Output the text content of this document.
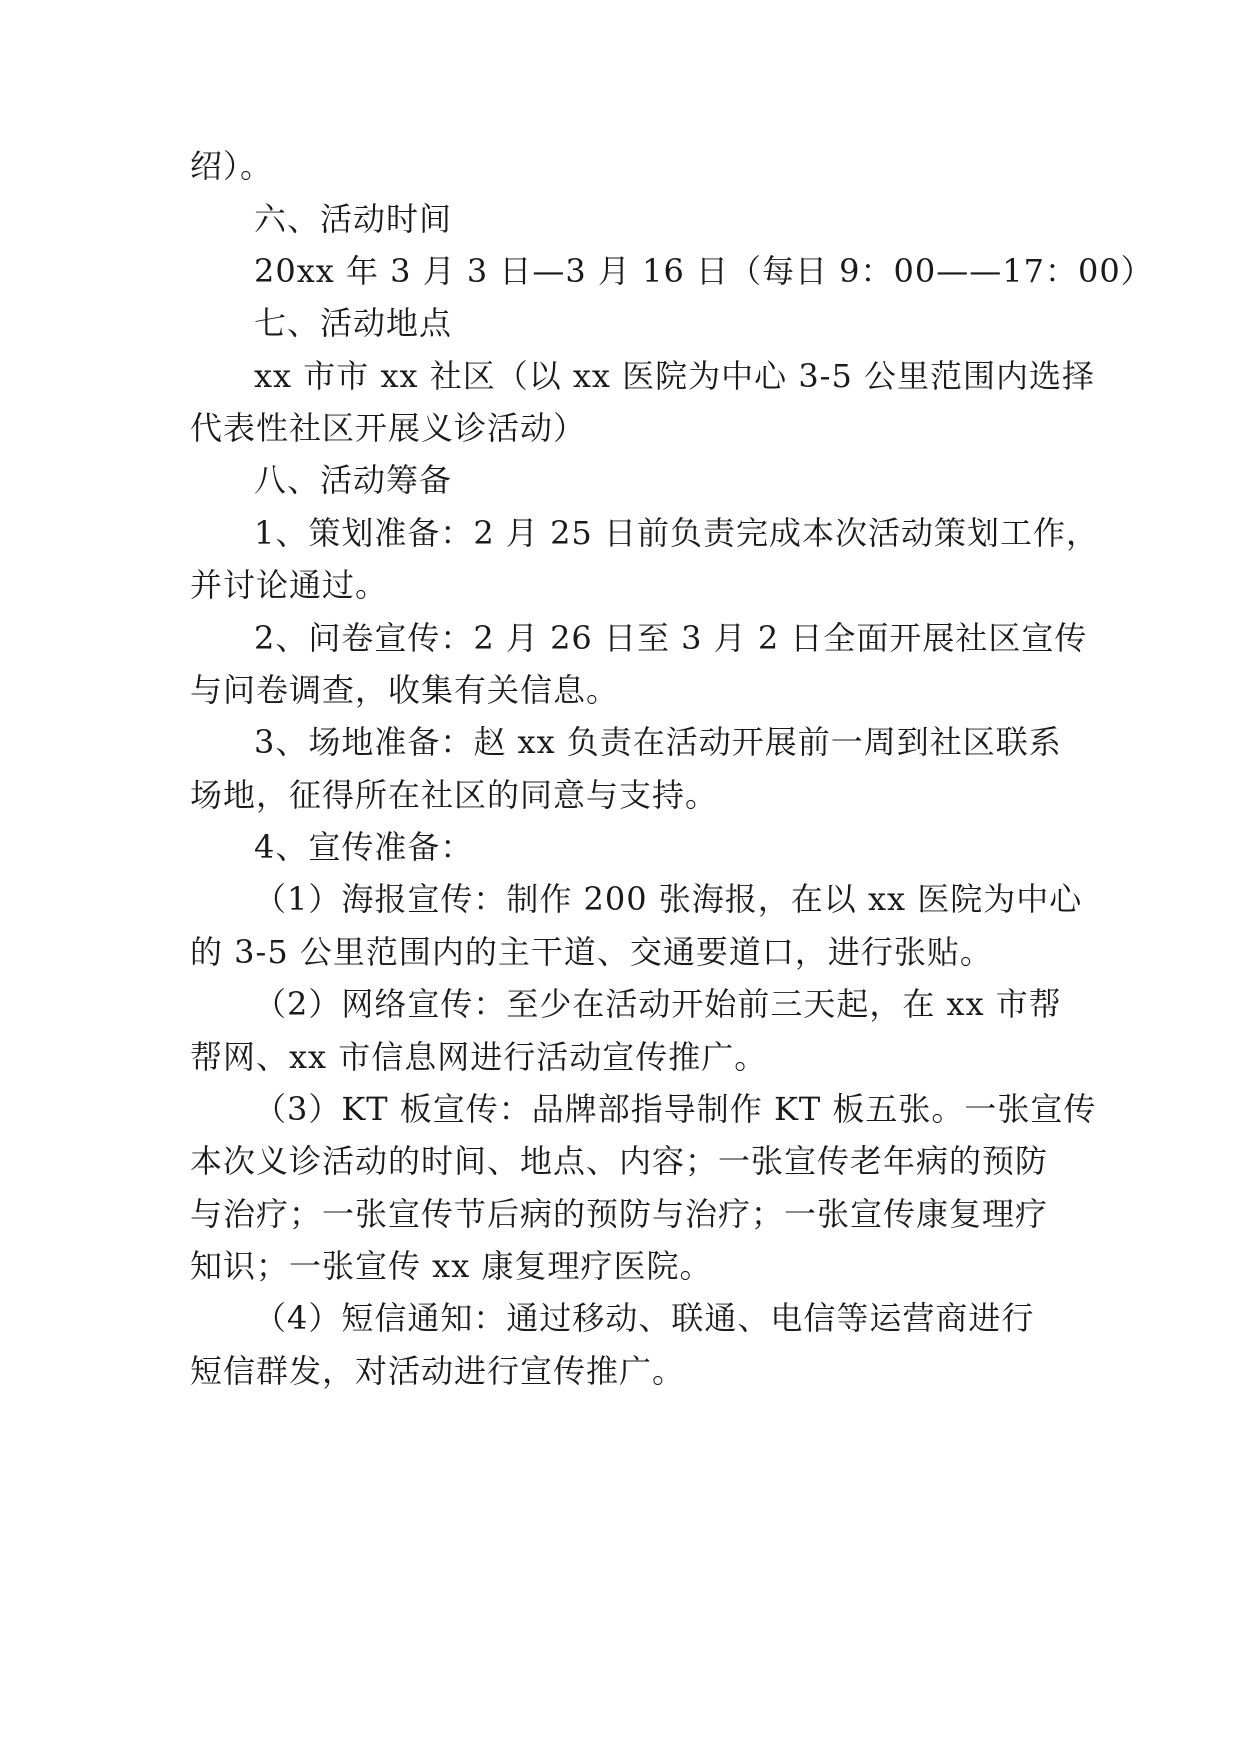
绍）。
六、活动时间
20xx 年 3 月 3 日—3 月 16 日（每日 9：00——17：00）
七、活动地点
xx 市市 xx 社区（以 xx 医院为中心 3-5 公里范围内选择
代表性社区开展义诊活动）
八、活动筹备
1、策划准备：2 月 25 日前负责完成本次活动策划工作，
并讨论通过。
2、问卷宣传：2 月 26 日至 3 月 2 日全面开展社区宣传
与问卷调查，收集有关信息。
3、场地准备：赵 xx 负责在活动开展前一周到社区联系
场地，征得所在社区的同意与支持。
4、宣传准备：
（1）海报宣传：制作 200 张海报，在以 xx 医院为中心
的 3-5 公里范围内的主干道、交通要道口，进行张贴。
（2）网络宣传：至少在活动开始前三天起，在 xx 市帮
帮网、xx 市信息网进行活动宣传推广。
（3）KT 板宣传：品牌部指导制作 KT 板五张。一张宣传
本次义诊活动的时间、地点、内容；一张宣传老年病的预防
与治疗；一张宣传节后病的预防与治疗；一张宣传康复理疗
知识；一张宣传 xx 康复理疗医院。
（4）短信通知：通过移动、联通、电信等运营商进行
短信群发，对活动进行宣传推广。
